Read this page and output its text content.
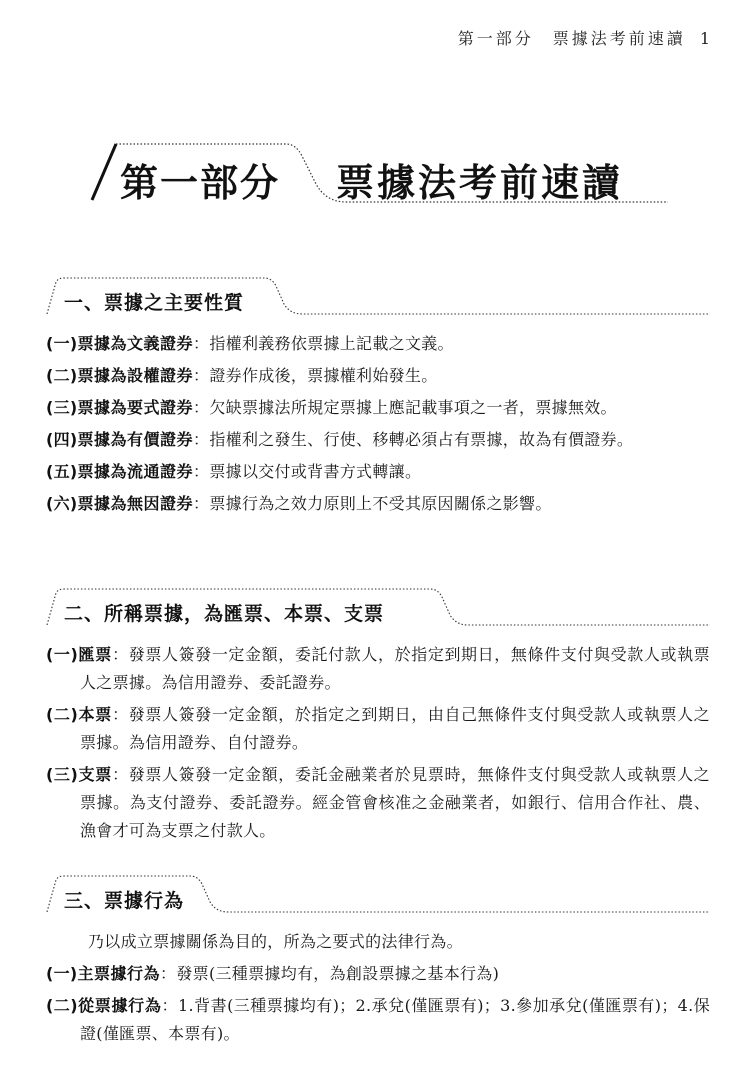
第一部分　票據法考前速讀 1
第一部分 票據法考前速讀
一、票據之主要性質
(一)票據為文義證券：指權利義務依票據上記載之文義。
(二)票據為設權證券：證券作成後，票據權利始發生。
(三)票據為要式證券：欠缺票據法所規定票據上應記載事項之一者，票據無效。
(四)票據為有價證券：指權利之發生、行使、移轉必須占有票據，故為有價證券。
(五)票據為流通證券：票據以交付或背書方式轉讓。
(六)票據為無因證券：票據行為之效力原則上不受其原因關係之影響。
二、所稱票據，為匯票、本票、支票
(一)匯票：發票人簽發一定金額，委託付款人，於指定到期日，無條件支付與受款人或執票人之票據。為信用證券、委託證券。
(二)本票：發票人簽發一定金額，於指定之到期日，由自己無條件支付與受款人或執票人之票據。為信用證券、自付證券。
(三)支票：發票人簽發一定金額，委託金融業者於見票時，無條件支付與受款人或執票人之票據。為支付證券、委託證券。經金管會核准之金融業者，如銀行、信用合作社、農、漁會才可為支票之付款人。
三、票據行為
乃以成立票據關係為目的，所為之要式的法律行為。
(一)主票據行為：發票(三種票據均有，為創設票據之基本行為)
(二)從票據行為：1.背書(三種票據均有)；2.承兌(僅匯票有)；3.參加承兌(僅匯票有)；4.保證(僅匯票、本票有)。
